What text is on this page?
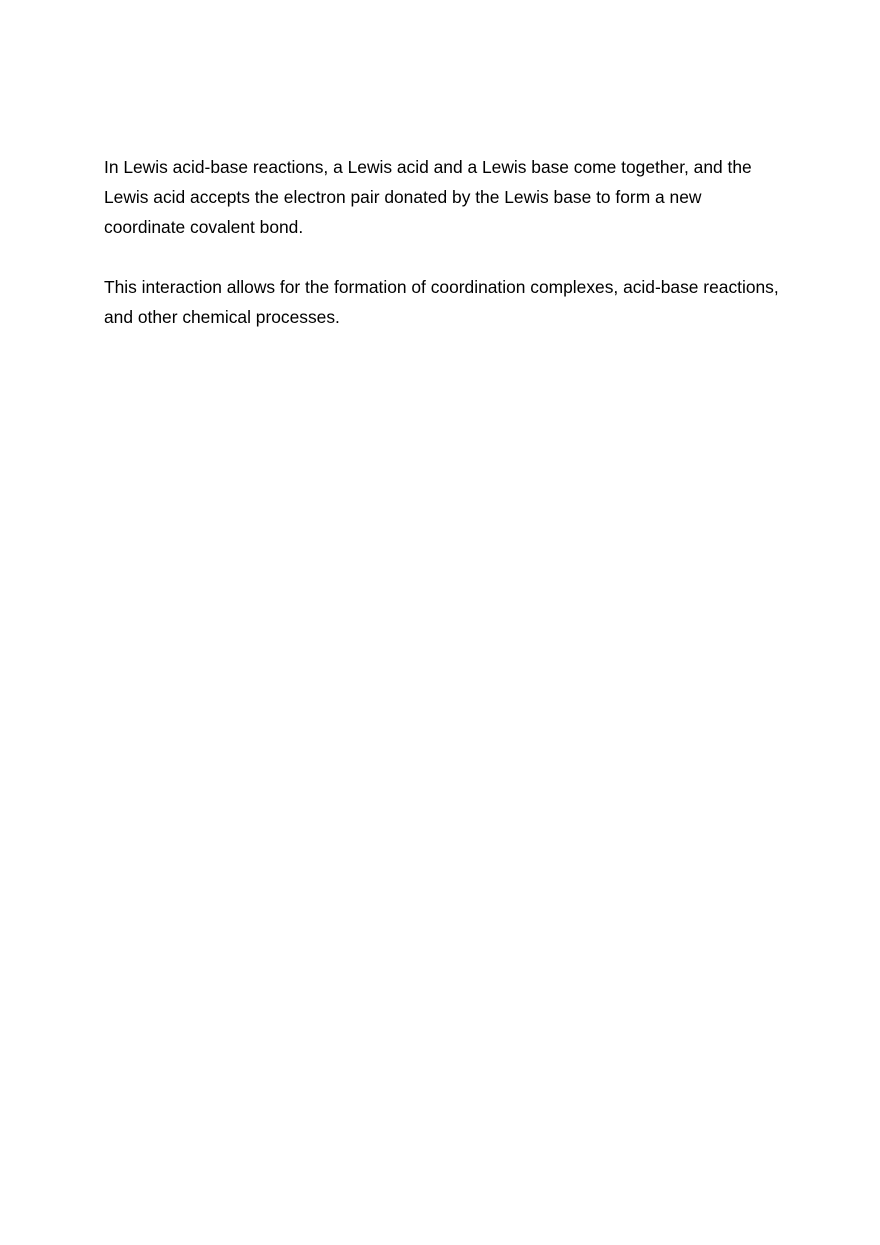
In Lewis acid-base reactions, a Lewis acid and a Lewis base come together, and the Lewis acid accepts the electron pair donated by the Lewis base to form a new coordinate covalent bond.

This interaction allows for the formation of coordination complexes, acid-base reactions, and other chemical processes.
